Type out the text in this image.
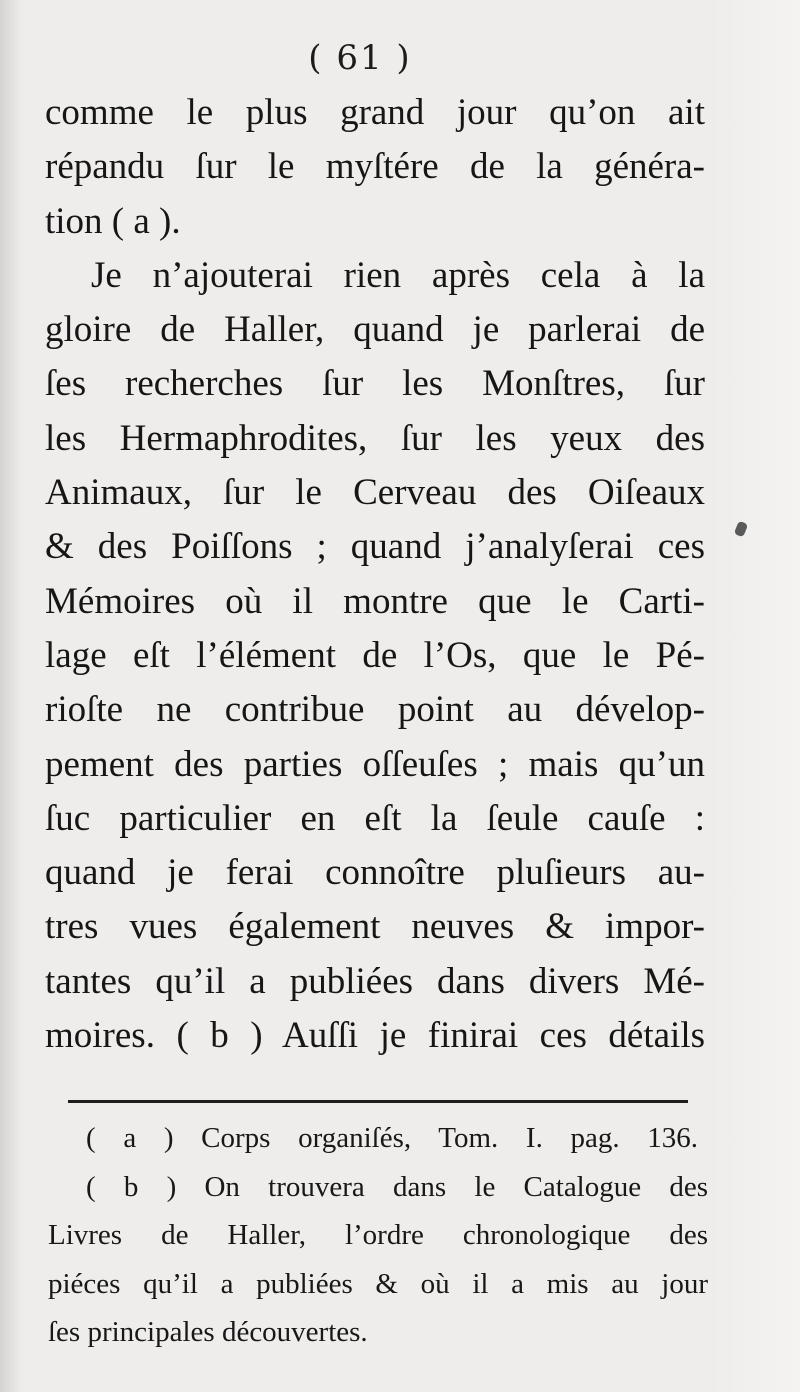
( 61 )
comme le plus grand jour qu’on ait
répandu ſur le myſtére de la généra-
tion ( a ).
Je n’ajouterai rien après cela à la
gloire de Haller, quand je parlerai de
ſes recherches ſur les Monſtres, ſur
les Hermaphrodites, ſur les yeux des
Animaux, ſur le Cerveau des Oiſeaux
& des Poiſſons ; quand j’analyſerai ces
Mémoires où il montre que le Carti-
lage eſt l’élément de l’Os, que le Pé-
rioſte ne contribue point au dévelop-
pement des parties oſſeuſes ; mais qu’un
ſuc particulier en eſt la ſeule cauſe :
quand je ferai connoître pluſieurs au-
tres vues également neuves & impor-
tantes qu’il a publiées dans divers Mé-
moires. ( b ) Auſſi je finirai ces détails
( a ) Corps organiſés, Tom. I. pag. 136.
( b ) On trouvera dans le Catalogue des
Livres de Haller, l’ordre chronologique des
piéces qu’il a publiées & où il a mis au jour
ſes principales découvertes.
